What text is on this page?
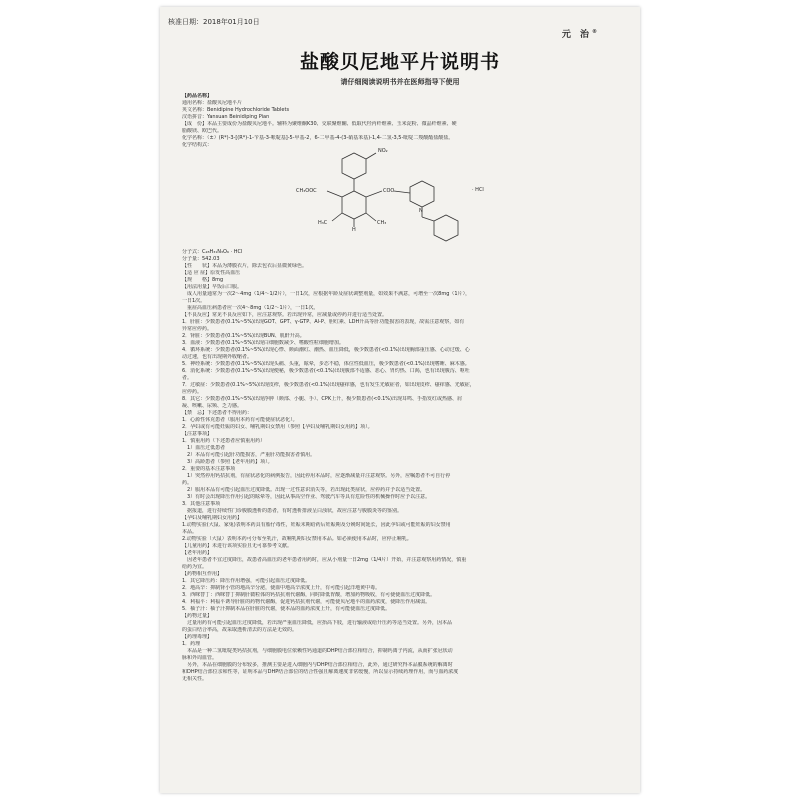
核准日期：2018年01月10日
元 治®
盐酸贝尼地平片说明书
请仔细阅读说明书并在医师指导下使用
【药品名称】
通用名称：盐酸贝尼地平片
英文名称：Benidipine Hydrochloride Tablets
汉语拼音：Yansuan Beinidiping Pian
【成　份】本品主要成份为盐酸贝尼地平。辅料为聚维酮K30、交联聚维酮、低取代羟丙纤维素、玉米淀粉、微晶纤维素、硬
脂酸镁、欧巴代。
化学名称：（±）(R*)-3-[(R*)-1-苄基-3-哌啶基]-5-甲基-2，6-二甲基-4-(3-硝基苯基)-1,4-二氢-3,5-吡啶二羧酸酯盐酸盐。
化学结构式：
NO₂
CH₃OOC	COO	· HCl
H₃C	CH₃
H
N
分子式：C₂₈H₃₁N₃O₆ · HCl
分子量：542.03
【性　　状】本品为薄膜衣片，除去包衣后显微黄绿色。
【适 应 症】原发性高血压
【规　　格】8mg
【用法用量】早饭后口服。
　成人用量通常为一次2～4mg（1/4～1/2片），一日1次，应根据年龄及症状调整剂量，如效果不满意，可增至一次8mg（1片），
一日1次。
　重症高血压病患者应一次4～8mg（1/2～1片），一日1次。
【不良反应】常见不良反应如下，应注意观察。若出现异常，应减量或停药并进行适当处置。
1．肝脏：少数患者(0.1%~5%)出现GOT、GPT、γ-GTP、Al-P、胆红素、LDH升高等肝功能损害的表现，故需注意观察，如有
异常应停药。
2．肾脏：少数患者(0.1%~5%)出现BUN、肌酐升高。
3．血液：少数患者(0.1%~5%)出现白细胞数减少、嗜酸性粒细胞增加。
4．循环系统：少数患者(0.1%~5%)出现心悸、颜面潮红、潮热、血压降低，极少数患者(<0.1%)出现胸部重压感、心动过缓、心
动过速，也有出现期外收缩者。
5．神经系统：少数患者(0.1%~5%)出现头痛、头重，眩晕，步态不稳，体位性低血压，极少数患者(<0.1%)出现嗜睡、麻木感。
6．消化系统：少数患者(0.1%~5%)出现便秘，极少数患者(<0.1%)出现腹部不适感、恶心、胃灼热、口渴，也有出现腹泻、呕吐
者。
7．过敏症：少数患者(0.1%~5%)出现皮疹，极少数患者(<0.1%)出现瘙痒感，也有发生光敏症者，如出现皮疹、瘙痒感、光敏症，
应停药。
8．其它：少数患者(0.1%~5%)出现浮肿（颜部、小腿、手）、CPK上升，极少数患者(<0.1%)出现耳鸣、手指发红或热感、肩
凝、咳嗽、尿频、乏力感。
【禁　忌】下述患者不得用药：
1．心源性休克患者（服用本药有可能使症状恶化）。
2．孕妇或有可能妊娠的妇女、哺乳期妇女禁用（参照【孕妇及哺乳期妇女用药】项）。
【注意事项】
1．慎重用药（下述患者应慎重用药）
　1）血压过低患者
　2）本品有可能引起肝功能损害，严重肝功能损害者慎用。
　3）高龄患者（参照【老年用药】项）。
2．重要的基本注意事项
　1）突然停用钙拮抗剂，有症状恶化的病例报告，因此停用本品时，应逐渐减量并注意观察。另外，应嘱患者不可自行停
药。
　2）服用本品有可能引起血压过度降低。出现一过性意识消失等，若出现此类症状，应停药并予以适当处置。
　3）有时会出现降压作用引起的眩晕等，因此从事高空作业、驾驶汽车等具有危险性的机械操作时应予以注意。
3．其他注意事项
　据报道，进行持续性门诊腹膜透析的患者，有时透析排液呈白浊状，故应注意与腹膜炎等的鉴别。
【孕妇及哺乳期妇女用药】
1.动物实验(大鼠、家兔)表明本药具有胎仔毒性，妊娠末期给药后妊娠期及分娩时间延长，因此孕妇或可能妊娠的妇女禁用
本品。
2.动物实验（大鼠）表明本药可分布至乳汁，故哺乳期妇女禁用本品。如必须使用本品时，应停止哺乳。
【儿童用药】未进行该项实验且无可靠参考文献。
【老年用药】
　因老年患者不宜过度降压，故患者高血压的老年患者用药时，应从小剂量一日2mg（1/4片）开始，并注意观察用药情况，慎重
给药为宜。
【药物相互作用】
1．其它降压药：降压作用增强，可能引起血压过度降低。
2．地高辛：抑制肾小管的地高辛分泌，使血中地高辛浓度上升，有可能引起洋地黄中毒。
3．西咪替丁：西咪替丁抑制肝微粒体的钙拮抗剂代谢酶，同时降低胃酸，增加药物吸收，有可使使血压过度降低。
4．利福平：利福平诱导肝脏的药物代谢酶，促进钙拮抗剂代谢，可能使贝尼地平的血药浓度，使降压作用减弱。
5．柚子汁：柚子汁抑制本品在肝脏的代谢，使本品的血药浓度上升，有可能使血压过度降低。
【药物过量】
　过量用药有可能引起血压过度降低，若出现严重血压降低，应抬高下肢，进行输液或给升压药等适当处置。另外，因本品
的蛋白结合率高，故采取透析清去的方法是无效的。
【药理毒理】
1．药理
　本品是一种二氢吡啶类钙拮抗剂，与细胞膜电位依赖性钙通道的DHP结合部位相结合，抑制钙离子内流，从而扩张冠状动
脉和外周血管。
　另外，本品在细胞膜的分布较多，推测主要是进入细胞内与DHP结合部位相结合，此外，通过研究得本品膜系统的解离时
和DHP结合部位亲和性等，证明本品与DHP结合部位的结合性强且解离速度非常缓慢，所以显示持续药理作用，而与血药浓度
无相关性。
